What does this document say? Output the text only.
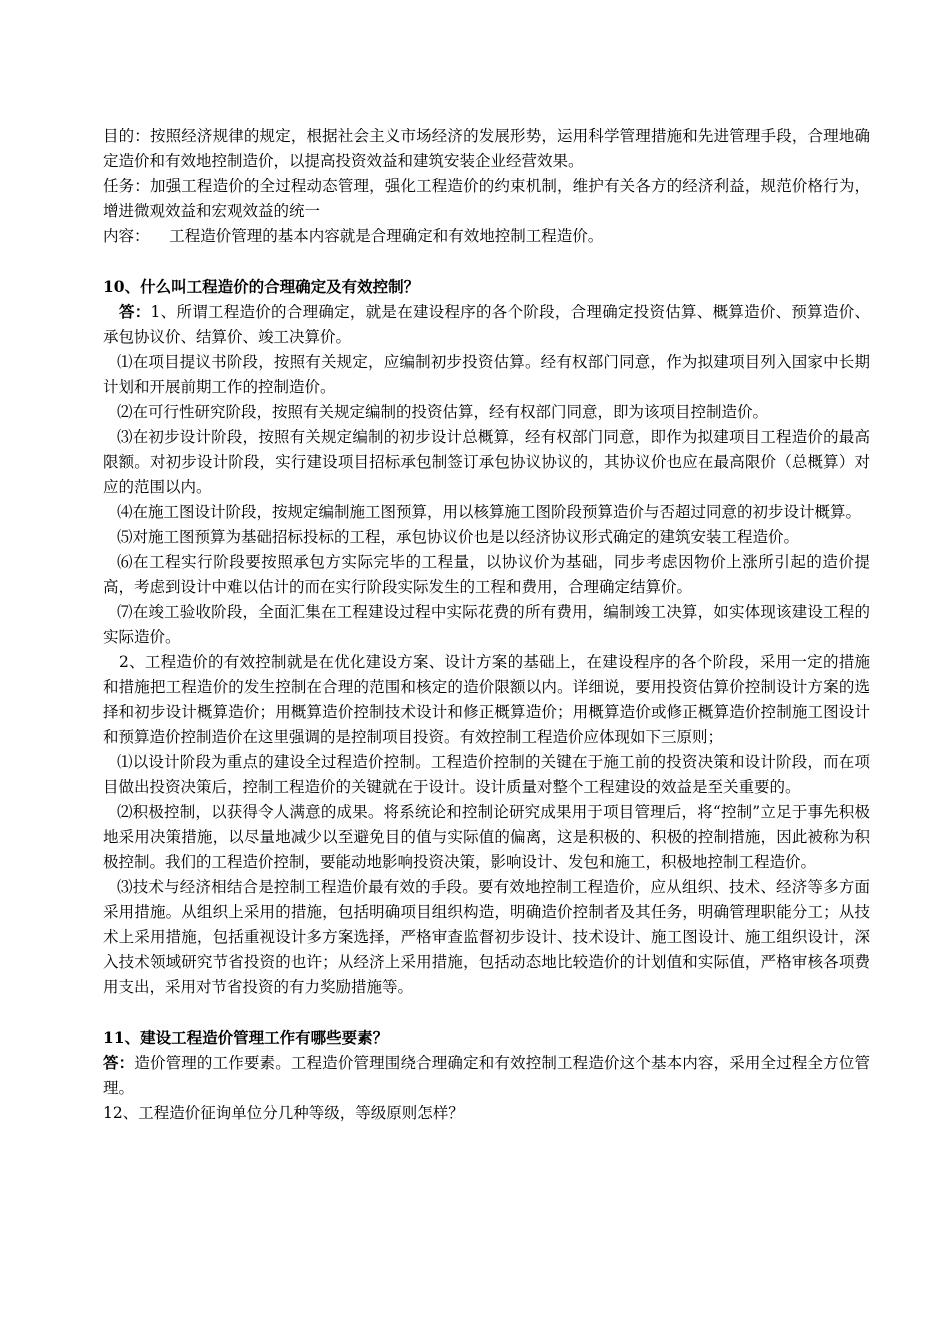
目的：按照经济规律的规定，根据社会主义市场经济的发展形势，运用科学管理措施和先进管理手段，合理地确定造价和有效地控制造价，以提高投资效益和建筑安装企业经营效果。

任务：加强工程造价的全过程动态管理，强化工程造价的约束机制，维护有关各方的经济利益，规范价格行为，增进微观效益和宏观效益的统一

内容：    工程造价管理的基本内容就是合理确定和有效地控制工程造价。

10、什么叫工程造价的合理确定及有效控制？

答：1、所谓工程造价的合理确定，就是在建设程序的各个阶段，合理确定投资估算、概算造价、预算造价、承包协议价、结算价、竣工决算价。

⑴在项目提议书阶段，按照有关规定，应编制初步投资估算。经有权部门同意，作为拟建项目列入国家中长期计划和开展前期工作的控制造价。

⑵在可行性研究阶段，按照有关规定编制的投资估算，经有权部门同意，即为该项目控制造价。

⑶在初步设计阶段，按照有关规定编制的初步设计总概算，经有权部门同意，即作为拟建项目工程造价的最高限额。对初步设计阶段，实行建设项目招标承包制签订承包协议协议的，其协议价也应在最高限价（总概算）对应的范围以内。

⑷在施工图设计阶段，按规定编制施工图预算，用以核算施工图阶段预算造价与否超过同意的初步设计概算。

⑸对施工图预算为基础招标投标的工程，承包协议价也是以经济协议形式确定的建筑安装工程造价。

⑹在工程实行阶段要按照承包方实际完毕的工程量，以协议价为基础，同步考虑因物价上涨所引起的造价提高，考虑到设计中难以估计的而在实行阶段实际发生的工程和费用，合理确定结算价。

⑺在竣工验收阶段，全面汇集在工程建设过程中实际花费的所有费用，编制竣工决算，如实体现该建设工程的实际造价。

2、工程造价的有效控制就是在优化建设方案、设计方案的基础上，在建设程序的各个阶段，采用一定的措施和措施把工程造价的发生控制在合理的范围和核定的造价限额以内。详细说，要用投资估算价控制设计方案的选择和初步设计概算造价；用概算造价控制技术设计和修正概算造价；用概算造价或修正概算造价控制施工图设计和预算造价控制造价在这里强调的是控制项目投资。有效控制工程造价应体现如下三原则；

⑴以设计阶段为重点的建设全过程造价控制。工程造价控制的关键在于施工前的投资决策和设计阶段，而在项目做出投资决策后，控制工程造价的关键就在于设计。设计质量对整个工程建设的效益是至关重要的。

⑵积极控制，以获得令人满意的成果。将系统论和控制论研究成果用于项目管理后，将“控制”立足于事先积极地采用决策措施，以尽量地减少以至避免目的值与实际值的偏离，这是积极的、积极的控制措施，因此被称为积极控制。我们的工程造价控制，要能动地影响投资决策，影响设计、发包和施工，积极地控制工程造价。

⑶技术与经济相结合是控制工程造价最有效的手段。要有效地控制工程造价，应从组织、技术、经济等多方面采用措施。从组织上采用的措施，包括明确项目组织构造，明确造价控制者及其任务，明确管理职能分工；从技术上采用措施，包括重视设计多方案选择，严格审查监督初步设计、技术设计、施工图设计、施工组织设计，深入技术领域研究节省投资的也许；从经济上采用措施，包括动态地比较造价的计划值和实际值，严格审核各项费用支出，采用对节省投资的有力奖励措施等。

11、建设工程造价管理工作有哪些要素？

答：造价管理的工作要素。工程造价管理围绕合理确定和有效控制工程造价这个基本内容，采用全过程全方位管理。

12、工程造价征询单位分几种等级，等级原则怎样？
